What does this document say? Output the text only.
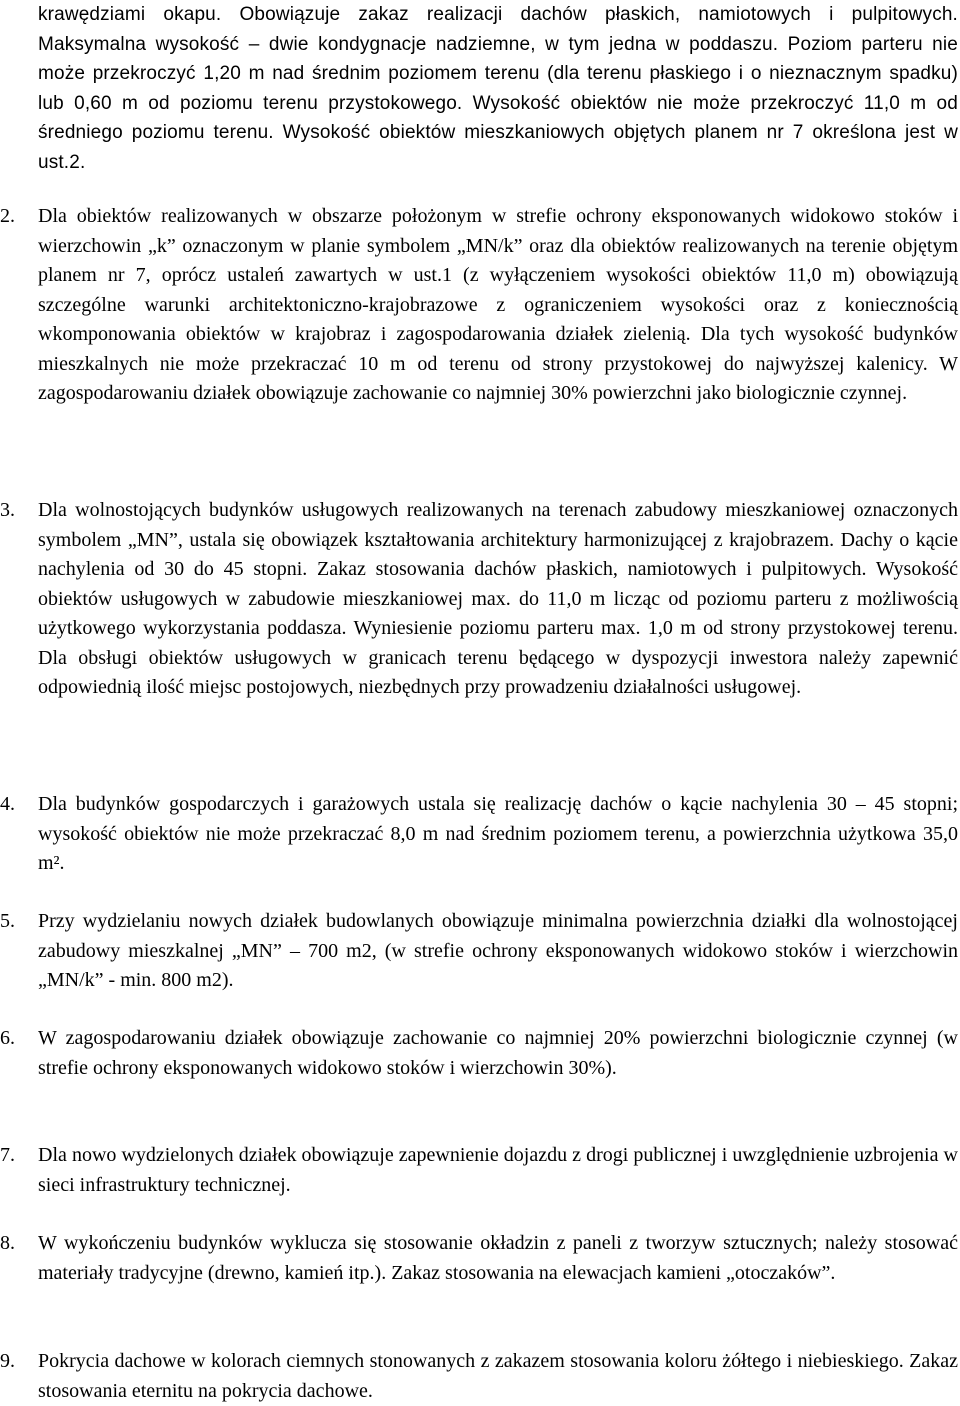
krawędziami okapu. Obowiązuje zakaz realizacji dachów płaskich, namiotowych i pulpitowych. Maksymalna wysokość – dwie kondygnacje nadziemne, w tym jedna w poddaszu. Poziom parteru nie może przekroczyć 1,20 m nad średnim poziomem terenu (dla terenu płaskiego i o nieznacznym spadku) lub 0,60 m od poziomu terenu przystokowego. Wysokość obiektów nie może przekroczyć 11,0 m od średniego poziomu terenu. Wysokość obiektów mieszkaniowych objętych planem nr 7 określona jest w ust.2.

2. Dla obiektów realizowanych w obszarze położonym w strefie ochrony eksponowanych widokowo stoków i wierzchowin „k” oznaczonym w planie symbolem „MN/k” oraz dla obiektów realizowanych na terenie objętym planem nr 7, oprócz ustaleń zawartych w ust.1 (z wyłączeniem wysokości obiektów 11,0 m) obowiązują szczególne warunki architektoniczno-krajobrazowe z ograniczeniem wysokości oraz z koniecznością wkomponowania obiektów w krajobraz i zagospodarowania działek zielenią. Dla tych wysokość budynków mieszkalnych nie może przekraczać 10 m od terenu od strony przystokowej do najwyższej kalenicy. W zagospodarowaniu działek obowiązuje zachowanie co najmniej 30% powierzchni jako biologicznie czynnej.
3. Dla wolnostojących budynków usługowych realizowanych na terenach zabudowy mieszkaniowej oznaczonych symbolem „MN”, ustala się obowiązek kształtowania architektury harmonizującej z krajobrazem. Dachy o kącie nachylenia od 30 do 45 stopni. Zakaz stosowania dachów płaskich, namiotowych i pulpitowych. Wysokość obiektów usługowych w zabudowie mieszkaniowej max. do 11,0 m licząc od poziomu parteru z możliwością użytkowego wykorzystania poddasza. Wyniesienie poziomu parteru max. 1,0 m od strony przystokowej terenu. Dla obsługi obiektów usługowych w granicach terenu będącego w dyspozycji inwestora należy zapewnić odpowiednią ilość miejsc postojowych, niezbędnych przy prowadzeniu działalności usługowej.
4. Dla budynków gospodarczych i garażowych ustala się realizację dachów o kącie nachylenia 30 – 45 stopni; wysokość obiektów nie może przekraczać 8,0 m nad średnim poziomem terenu, a powierzchnia użytkowa 35,0 m².
5. Przy wydzielaniu nowych działek budowlanych obowiązuje minimalna powierzchnia działki dla wolnostojącej zabudowy mieszkalnej „MN” – 700 m2, (w strefie ochrony eksponowanych widokowo stoków i wierzchowin „MN/k” - min. 800 m2).
6. W zagospodarowaniu działek obowiązuje zachowanie co najmniej 20% powierzchni biologicznie czynnej (w strefie ochrony eksponowanych widokowo stoków i wierzchowin 30%).
7. Dla nowo wydzielonych działek obowiązuje zapewnienie dojazdu z drogi publicznej i uwzględnienie uzbrojenia w sieci infrastruktury technicznej.
8. W wykończeniu budynków wyklucza się stosowanie okładzin z paneli z tworzyw sztucznych; należy stosować materiały tradycyjne (drewno, kamień itp.). Zakaz stosowania na elewacjach kamieni „otoczaków”.
9. Pokrycia dachowe w kolorach ciemnych stonowanych z zakazem stosowania koloru żółtego i niebieskiego. Zakaz stosowania eternitu na pokrycia dachowe.
